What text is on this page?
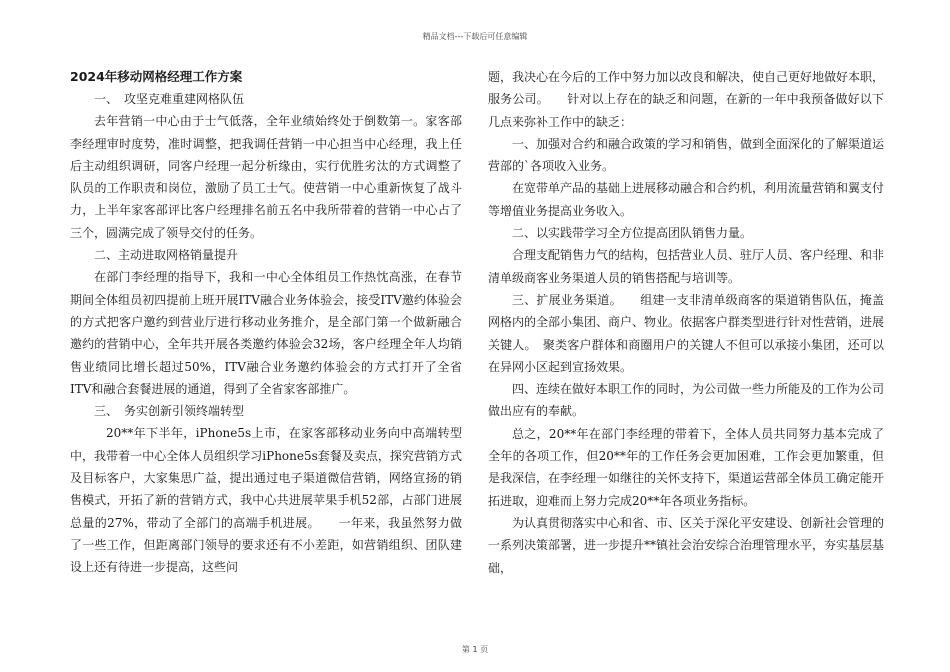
精品文档---下载后可任意编辑
2024年移动网格经理工作方案

一、　攻坚克难重建网格队伍

去年营销一中心由于士气低落，全年业绩始终处于倒数第一。家客部李经理审时度势，准时调整，把我调任营销一中心担当中心经理，我上任后主动组织调研，同客户经理一起分析缘由，实行优胜劣汰的方式调整了队员的工作职责和岗位，激励了员工士气。使营销一中心重新恢复了战斗力，上半年家客部评比客户经理排名前五名中我所带着的营销一中心占了三个，圆满完成了领导交付的任务。

二、主动进取网格销量提升

在部门李经理的指导下，我和一中心全体组员工作热忱高涨，在春节期间全体组员初四提前上班开展ITV融合业务体验会，接受ITV邀约体验会的方式把客户邀约到营业厅进行移动业务推介，是全部门第一个做新融合邀约的营销中心，全年共开展各类邀约体验会32场，客户经理全年人均销售业绩同比增长超过50%，ITV融合业务邀约体验会的方式打开了全省ITV和融合套餐进展的通道，得到了全省家客部推广。

三、　务实创新引领终端转型

20**年下半年，iPhone5s上市，在家客部移动业务向中高端转型中，我带着一中心全体人员组织学习iPhone5s套餐及卖点，探究营销方式及目标客户，大家集思广益，提出通过电子渠道微信营销，网络宣扬的销售模式，开拓了新的营销方式，我中心共进展苹果手机52部，占部门进展总量的27%，带动了全部门的高端手机进展。　　一年来，我虽然努力做了一些工作，但距离部门领导的要求还有不小差距，如营销组织、团队建设上还有待进一步提高，这些问

题，我决心在今后的工作中努力加以改良和解决，使自己更好地做好本职，服务公司。　　针对以上存在的缺乏和问题，在新的一年中我预备做好以下几点来弥补工作中的缺乏：

一、加强对合约和融合政策的学习和销售，做到全面深化的了解渠道运营部的`各项收入业务。

在宽带单产品的基础上进展移动融合和合约机，利用流量营销和翼支付等增值业务提高业务收入。

二、以实践带学习全方位提高团队销售力量。

合理支配销售力气的结构，包括营业人员、驻厅人员、客户经理、和非清单级商客业务渠道人员的销售搭配与培训等。

三、扩展业务渠道。　　组建一支非清单级商客的渠道销售队伍，掩盖网格内的全部小集团、商户、物业。依据客户群类型进行针对性营销，进展关键人。　聚类客户群体和商圈用户的关键人不但可以承接小集团，还可以在异网小区起到宣扬效果。

四、连续在做好本职工作的同时，为公司做一些力所能及的工作为公司做出应有的奉献。

总之，20**年在部门李经理的带着下，全体人员共同努力基本完成了全年的各项工作，但20**年的工作任务会更加困难，工作会更加繁重，但是我深信，在李经理一如继往的关怀支持下，渠道运营部全体员工确定能开拓进取，迎难而上努力完成20**年各项业务指标。

为认真贯彻落实中心和省、市、区关于深化平安建设、创新社会管理的一系列决策部署，进一步提升**镇社会治安综合治理管理水平，夯实基层基础，

第 1 页
